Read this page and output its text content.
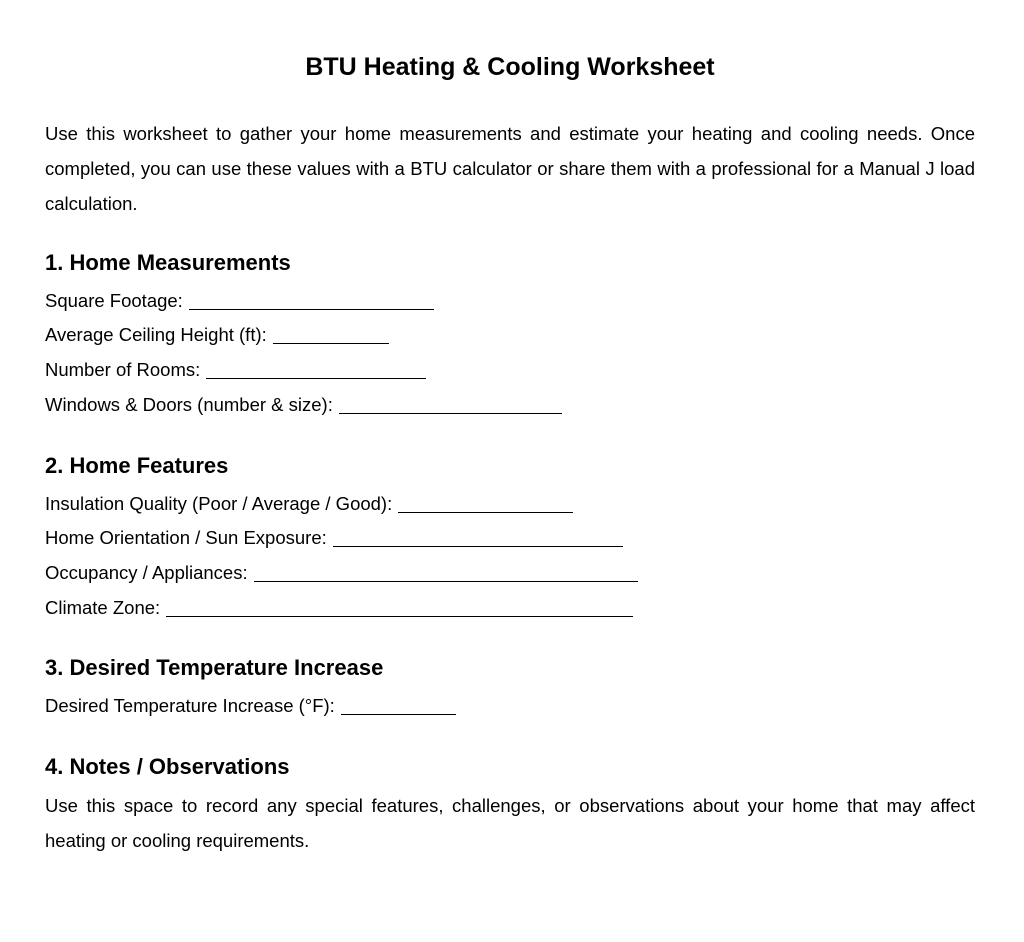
BTU Heating & Cooling Worksheet

Use this worksheet to gather your home measurements and estimate your heating and cooling needs. Once completed, you can use these values with a BTU calculator or share them with a professional for a Manual J load calculation.

1. Home Measurements
Square Footage:
Average Ceiling Height (ft):
Number of Rooms:
Windows & Doors (number & size):
2. Home Features
Insulation Quality (Poor / Average / Good):
Home Orientation / Sun Exposure:
Occupancy / Appliances:
Climate Zone:
3. Desired Temperature Increase
Desired Temperature Increase (°F):
4. Notes / Observations

Use this space to record any special features, challenges, or observations about your home that may affect heating or cooling requirements.
